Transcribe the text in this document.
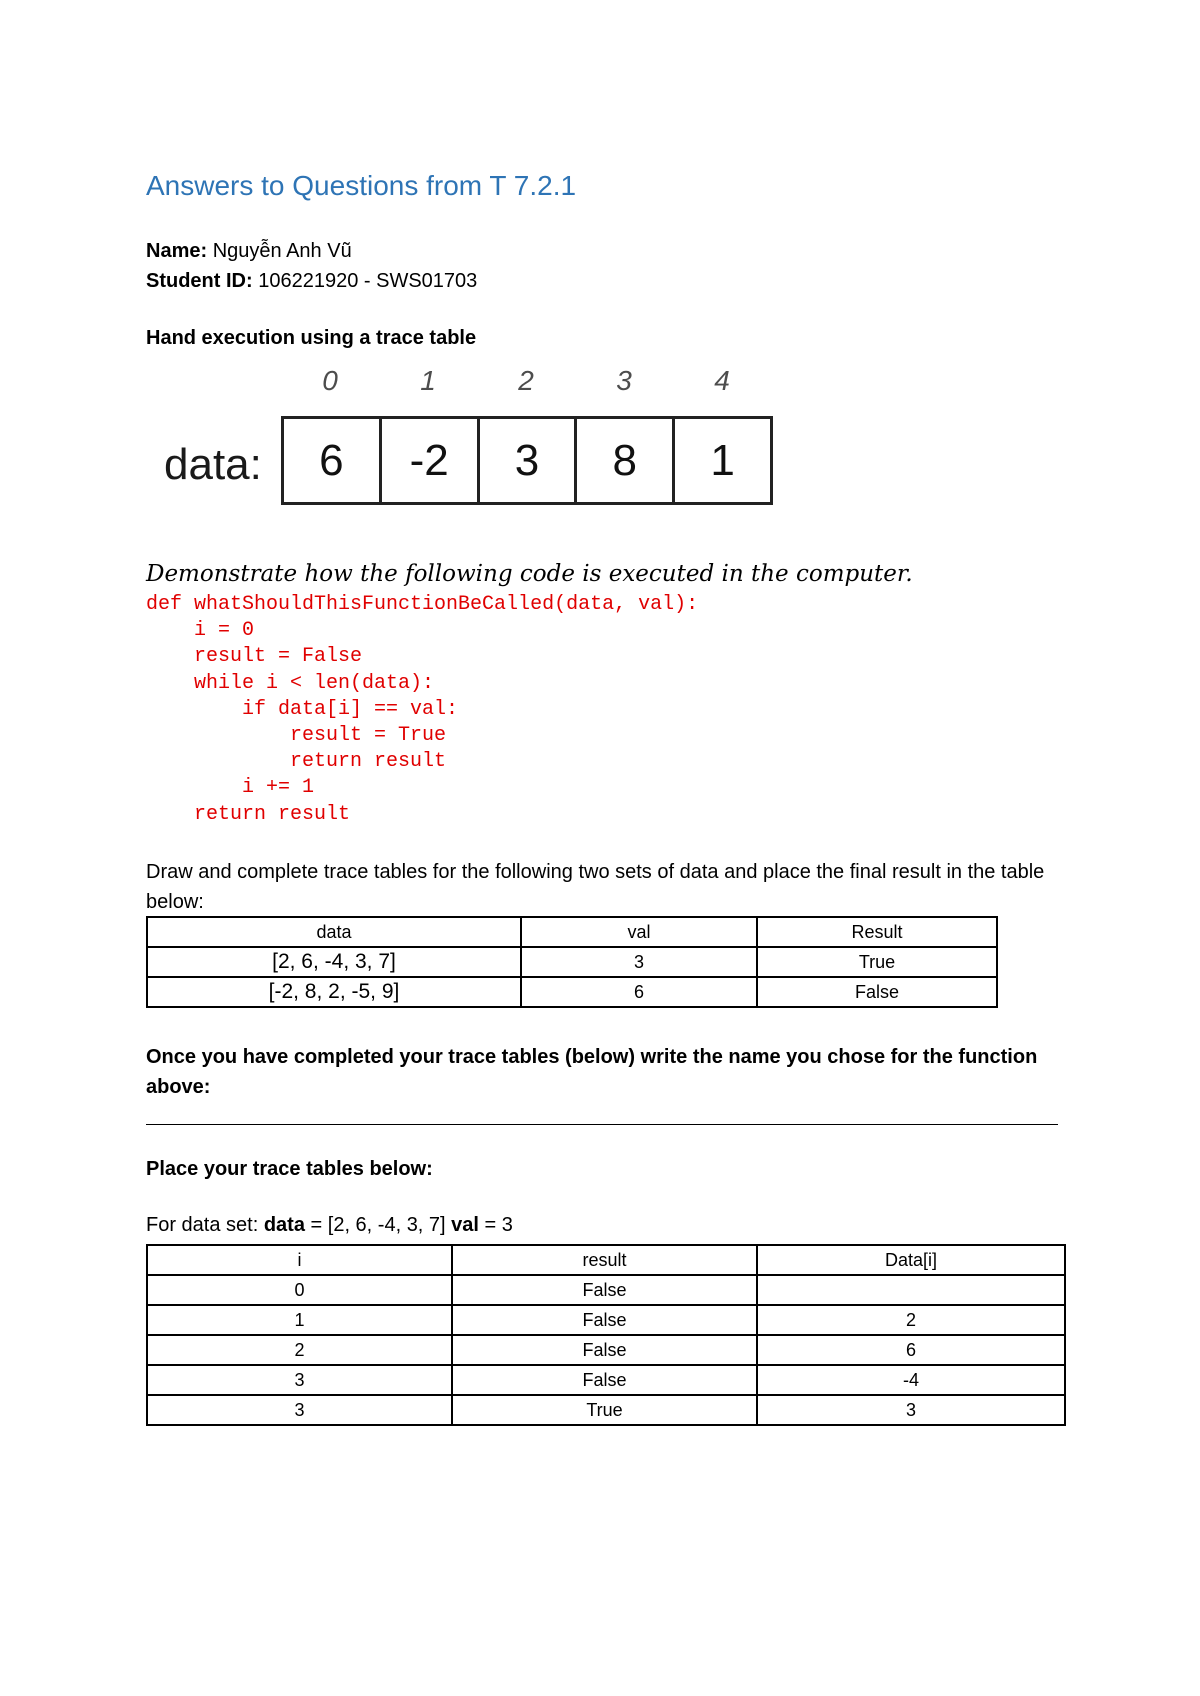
Answers to Questions from T 7.2.1
Name: Nguyễn Anh Vũ
Student ID: 106221920 - SWS01703
Hand execution using a trace table
0	1	2	3	4
data:	6	-2	3	8	1
Demonstrate how the following code is executed in the computer.
def whatShouldThisFunctionBeCalled(data, val):
i = 0
result = False
while i < len(data):
if data[i] == val:
result = True
return result
i += 1
return result
Draw and complete trace tables for the following two sets of data and place the final result in the table below:
data	val	Result
[2, 6, -4, 3, 7]	3	True
[-2, 8, 2, -5, 9]	6	False
Once you have completed your trace tables (below) write the name you chose for the function above:
Place your trace tables below:
For data set: data = [2, 6, -4, 3, 7] val = 3
i	result	Data[i]
0	False	
1	False	2
2	False	6
3	False	-4
3	True	3
